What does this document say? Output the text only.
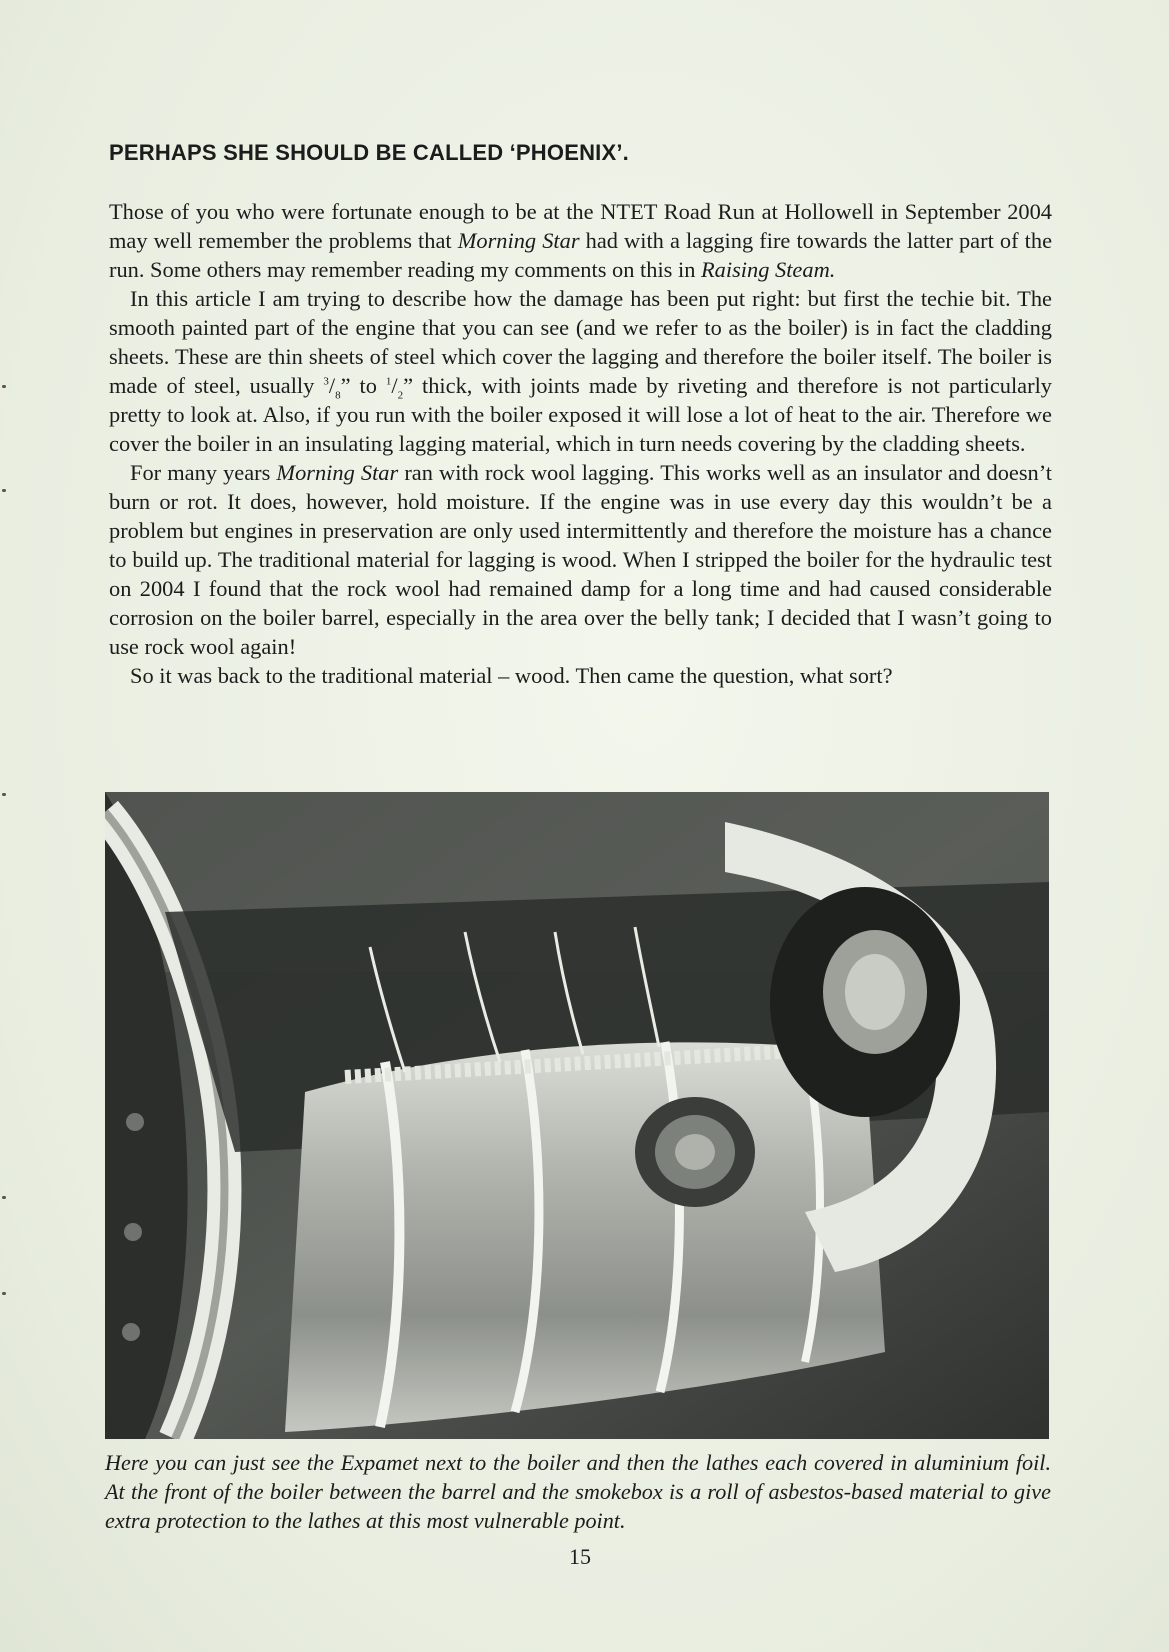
PERHAPS SHE SHOULD BE CALLED ‘PHOENIX’.

Those of you who were fortunate enough to be at the NTET Road Run at Hollowell in September 2004 may well remember the problems that Morning Star had with a lagging fire towards the latter part of the run. Some others may remember reading my comments on this in Raising Steam.

In this article I am trying to describe how the damage has been put right: but first the techie bit. The smooth painted part of the engine that you can see (and we refer to as the boiler) is in fact the cladding sheets. These are thin sheets of steel which cover the lagging and therefore the boiler itself. The boiler is made of steel, usually $^3/_8$” to $^1/_2$” thick, with joints made by riveting and therefore is not particularly pretty to look at. Also, if you run with the boiler exposed it will lose a lot of heat to the air. Therefore we cover the boiler in an insulating lagging material, which in turn needs covering by the cladding sheets.

For many years Morning Star ran with rock wool lagging. This works well as an insulator and doesn’t burn or rot. It does, however, hold moisture. If the engine was in use every day this wouldn’t be a problem but engines in preservation are only used intermittently and therefore the moisture has a chance to build up. The traditional material for lagging is wood. When I stripped the boiler for the hydraulic test on 2004 I found that the rock wool had remained damp for a long time and had caused considerable corrosion on the boiler barrel, especially in the area over the belly tank; I decided that I wasn’t going to use rock wool again!

So it was back to the traditional material – wood. Then came the question, what sort?

Here you can just see the Expamet next to the boiler and then the lathes each covered in aluminium foil. At the front of the boiler between the barrel and the smokebox is a roll of asbestos-based material to give extra protection to the lathes at this most vulnerable point.

15
